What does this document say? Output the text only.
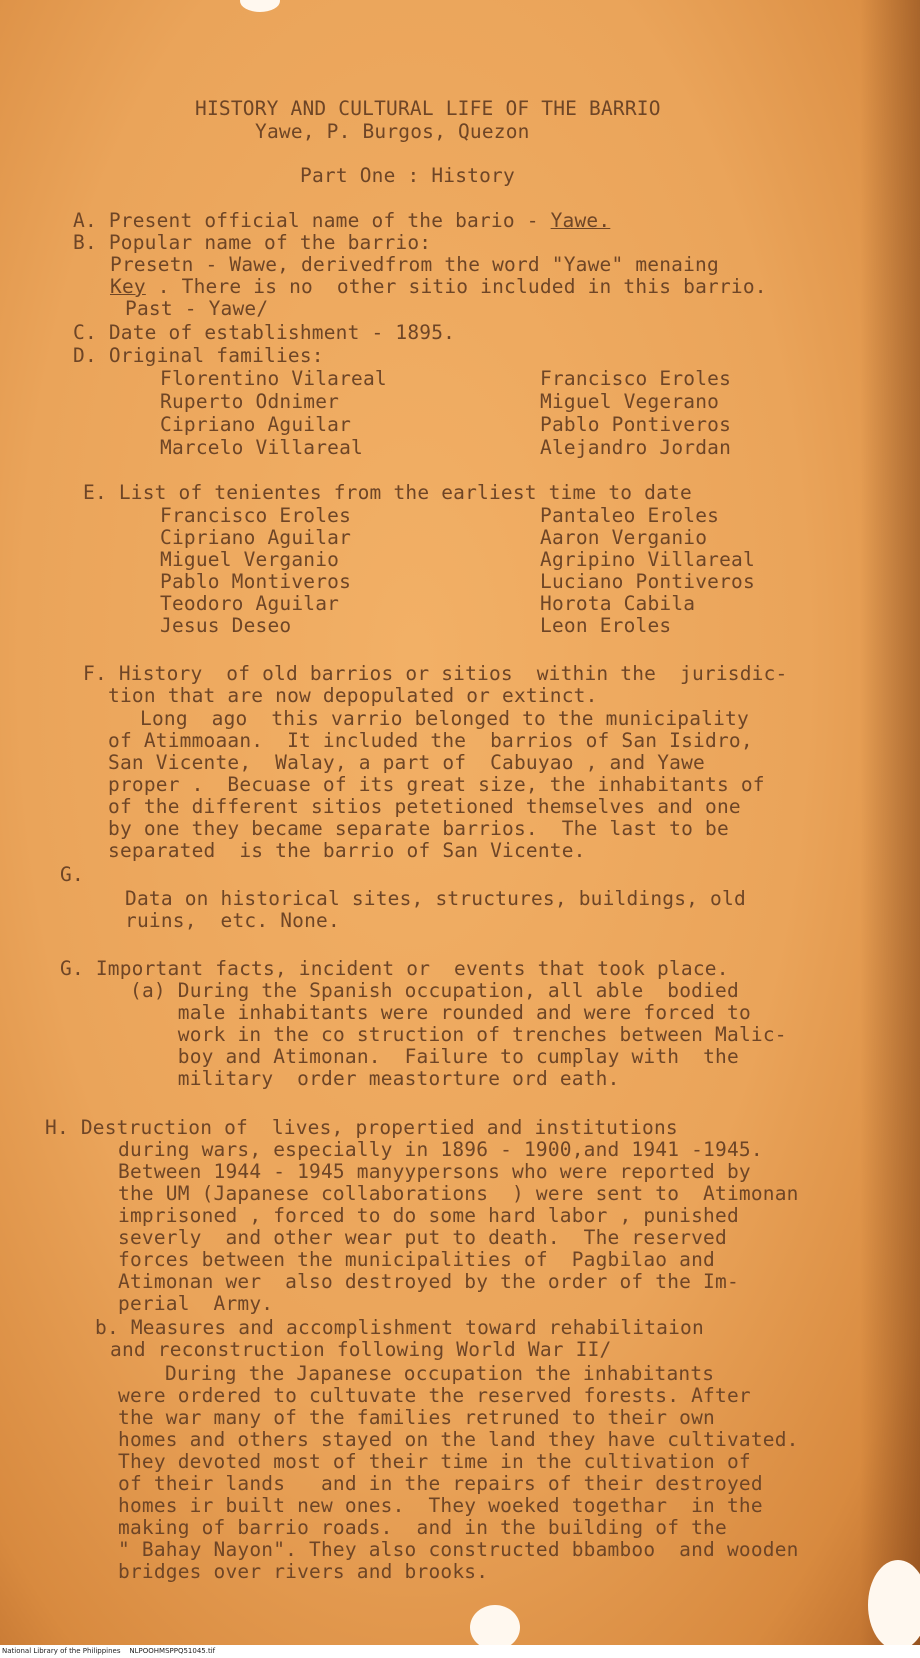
HISTORY AND CULTURAL LIFE OF THE BARRIO
Yawe, P. Burgos, Quezon
Part One : History
A. Present official name of the bario - Yawe.
B. Popular name of the barrio:
Presetn - Wawe, derivedfrom the word "Yawe" menaing
Key . There is no  other sitio included in this barrio.
Past - Yawe/
C. Date of establishment - 1895.
D. Original families:
Florentino Vilareal
Ruperto Odnimer
Cipriano Aguilar
Marcelo Villareal
Francisco Eroles
Miguel Vegerano
Pablo Pontiveros
Alejandro Jordan
E. List of tenientes from the earliest time to date
Francisco Eroles
Cipriano Aguilar
Miguel Verganio
Pablo Montiveros
Teodoro Aguilar
Jesus Deseo
Pantaleo Eroles
Aaron Verganio
Agripino Villareal
Luciano Pontiveros
Horota Cabila
Leon Eroles
F. History  of old barrios or sitios  within the  jurisdic-
tion that are now depopulated or extinct.
Long  ago  this varrio belonged to the municipality
of Atimmoaan.  It included the  barrios of San Isidro,
San Vicente,  Walay, a part of  Cabuyao , and Yawe
proper .  Becuase of its great size, the inhabitants of
of the different sitios petetioned themselves and one
by one they became separate barrios.  The last to be
separated  is the barrio of San Vicente.
G.
Data on historical sites, structures, buildings, old
ruins,  etc. None.
G. Important facts, incident or  events that took place.
(a) During the Spanish occupation, all able  bodied
male inhabitants were rounded and were forced to
work in the co struction of trenches between Malic-
boy and Atimonan.  Failure to cumplay with  the
military  order meastorture ord eath.
H. Destruction of  lives, propertied and institutions
during wars, especially in 1896 - 1900,and 1941 -1945.
Between 1944 - 1945 manyypersons who were reported by
the UM (Japanese collaborations  ) were sent to  Atimonan
imprisoned , forced to do some hard labor , punished
severly  and other wear put to death.  The reserved
forces between the municipalities of  Pagbilao and
Atimonan wer  also destroyed by the order of the Im-
perial  Army.
b. Measures and accomplishment toward rehabilitaion
and reconstruction following World War II/
During the Japanese occupation the inhabitants
were ordered to cultuvate the reserved forests. After
the war many of the families retruned to their own
homes and others stayed on the land they have cultivated.
They devoted most of their time in the cultivation of
of their lands   and in the repairs of their destroyed
homes ir built new ones.  They woeked togethar  in the
making of barrio roads.  and in the building of the
" Bahay Nayon". They also constructed bbamboo  and wooden
bridges over rivers and brooks.
National Library of the Philippines    NLPOOHMSPPQ51045.tif
